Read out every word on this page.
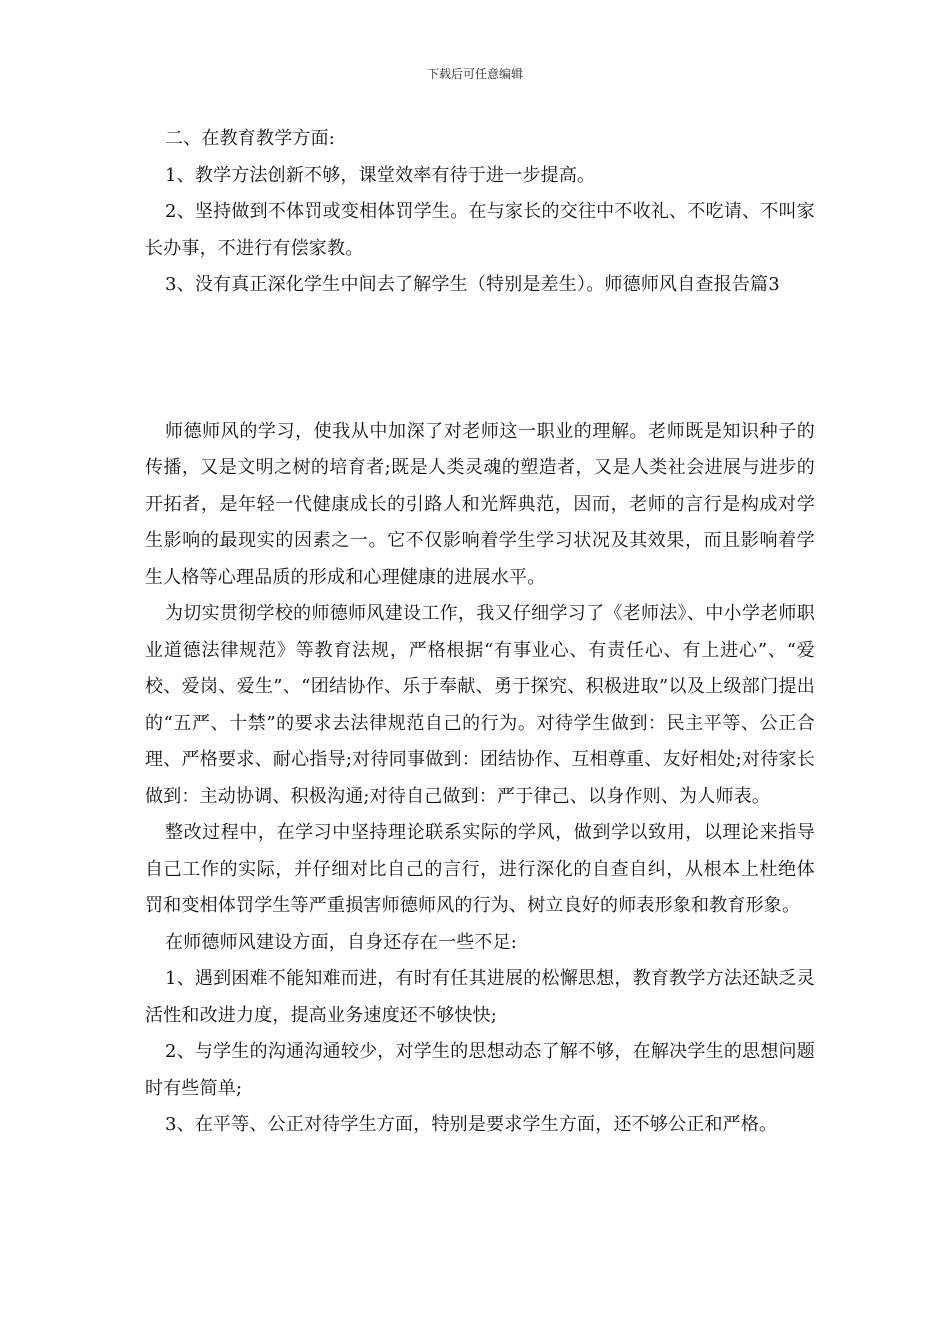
下载后可任意编辑

二、在教育教学方面:

1、教学方法创新不够，课堂效率有待于进一步提高。

2、坚持做到不体罚或变相体罚学生。在与家长的交往中不收礼、不吃请、不叫家长办事，不进行有偿家教。

3、没有真正深化学生中间去了解学生（特别是差生）。师德师风自查报告篇3

师德师风的学习，使我从中加深了对老师这一职业的理解。老师既是知识种子的传播，又是文明之树的培育者;既是人类灵魂的塑造者，又是人类社会进展与进步的开拓者，是年轻一代健康成长的引路人和光辉典范，因而，老师的言行是构成对学生影响的最现实的因素之一。它不仅影响着学生学习状况及其效果，而且影响着学生人格等心理品质的形成和心理健康的进展水平。

为切实贯彻学校的师德师风建设工作，我又仔细学习了《老师法》、中小学老师职业道德法律规范》等教育法规，严格根据“有事业心、有责任心、有上进心”、“爱校、爱岗、爱生”、“团结协作、乐于奉献、勇于探究、积极进取”以及上级部门提出的“五严、十禁”的要求去法律规范自己的行为。对待学生做到：民主平等、公正合理、严格要求、耐心指导;对待同事做到：团结协作、互相尊重、友好相处;对待家长做到：主动协调、积极沟通;对待自己做到：严于律己、以身作则、为人师表。

整改过程中，在学习中坚持理论联系实际的学风，做到学以致用，以理论来指导自己工作的实际，并仔细对比自己的言行，进行深化的自查自纠，从根本上杜绝体罚和变相体罚学生等严重损害师德师风的行为、树立良好的师表形象和教育形象。

在师德师风建设方面，自身还存在一些不足:

1、遇到困难不能知难而进，有时有任其进展的松懈思想，教育教学方法还缺乏灵活性和改进力度，提高业务速度还不够快快;

2、与学生的沟通沟通较少，对学生的思想动态了解不够，在解决学生的思想问题时有些简单;

3、在平等、公正对待学生方面，特别是要求学生方面，还不够公正和严格。
